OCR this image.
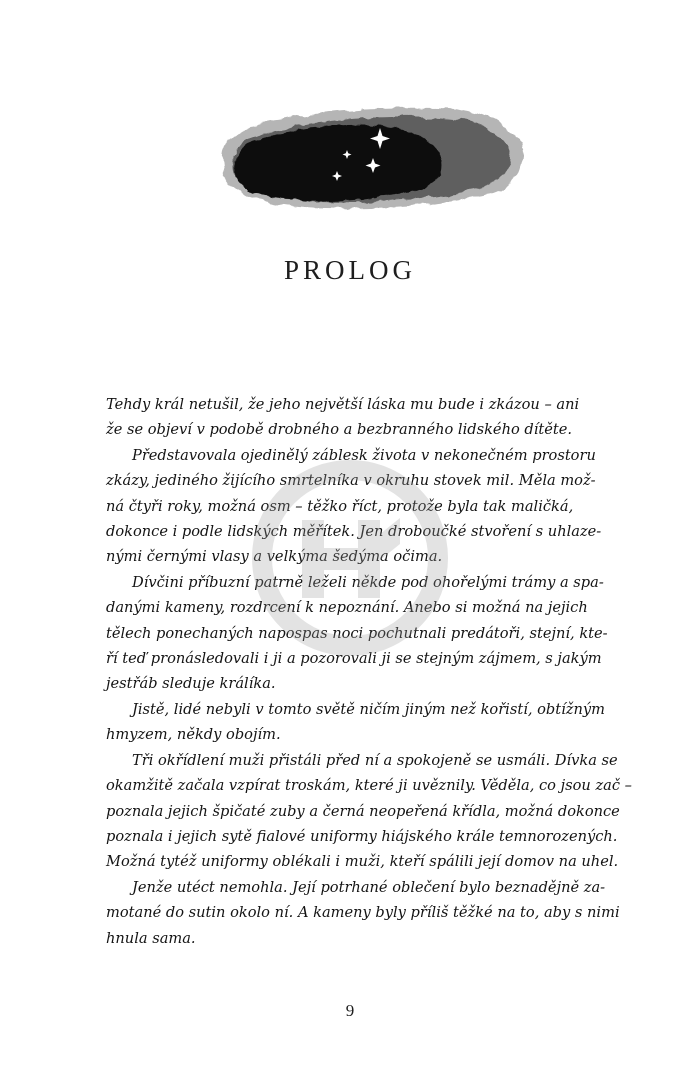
PROLOG

Tehdy král netušil, že jeho největší láska mu bude i zkázou – ani
že se objeví v podobě drobného a bezbranného lidského dítěte.

Představovala ojedinělý záblesk života v nekonečném prostoru
zkázy, jediného žijícího smrtelníka v okruhu stovek mil. Měla mož-
ná čtyři roky, možná osm – těžko říct, protože byla tak maličká,
dokonce i podle lidských měřítek. Jen droboučké stvoření s uhlaze-
nými černými vlasy a velkýma šedýma očima.

Dívčini příbuzní patrně leželi někde pod ohořelými trámy a spa-
danými kameny, rozdrcení k nepoznání. Anebo si možná na jejich
tělech ponechaných napospas noci pochutnali predátoři, stejní, kte-
ří teď pronásledovali i ji a pozorovali ji se stejným zájmem, s jakým
jestřáb sleduje králíka.

Jistě, lidé nebyli v tomto světě ničím jiným než kořistí, obtížným
hmyzem, někdy obojím.

Tři okřídlení muži přistáli před ní a spokojeně se usmáli. Dívka se
okamžitě začala vzpírat troskám, které ji uvěznily. Věděla, co jsou zač –
poznala jejich špičaté zuby a černá neopeřená křídla, možná dokonce
poznala i jejich sytě fialové uniformy hiájského krále temnorozených.
Možná tytéž uniformy oblékali i muži, kteří spálili její domov na uhel.

Jenže utéct nemohla. Její potrhané oblečení bylo beznadějně za-
motané do sutin okolo ní. A kameny byly příliš těžké na to, aby s nimi
hnula sama.

9
